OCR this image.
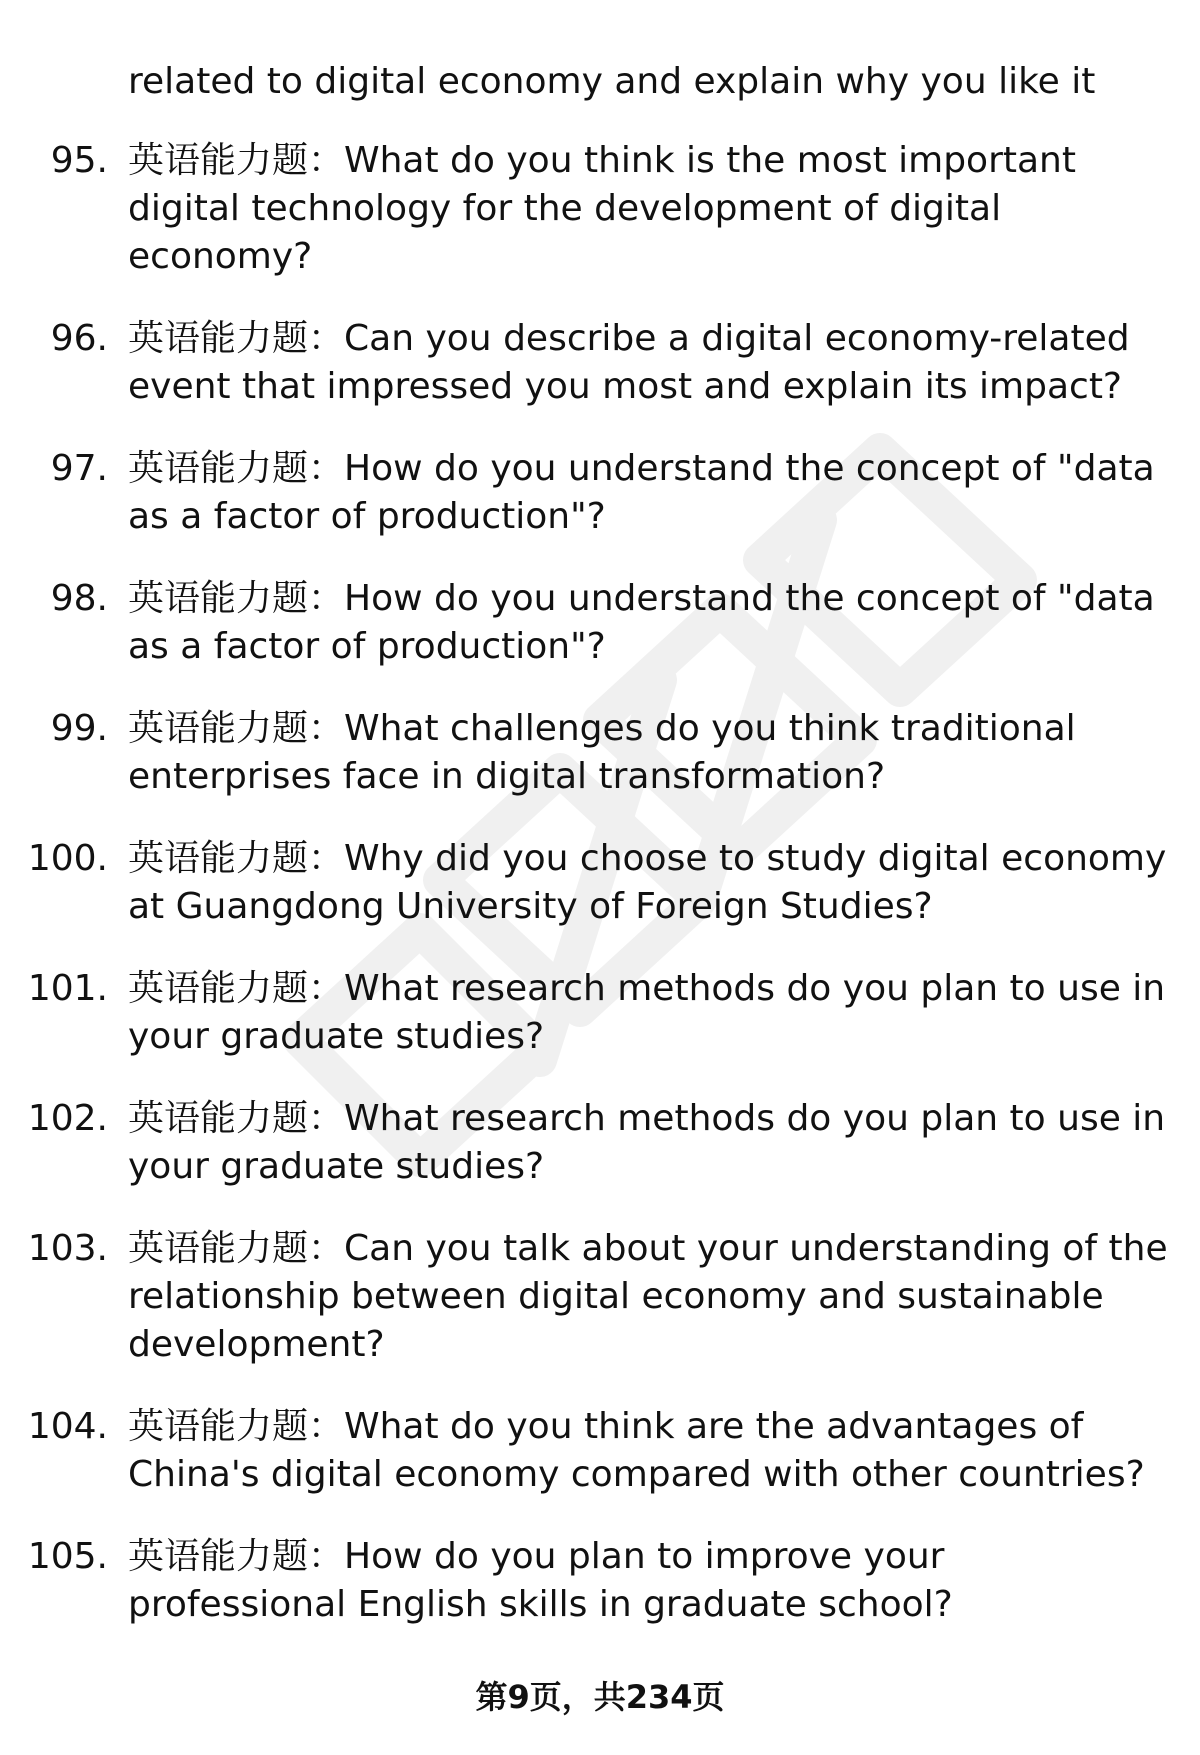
related to digital economy and explain why you like it
95. 英语能力题：What do you think is the most important digital technology for the development of digital economy?
96. 英语能力题：Can you describe a digital economy-related event that impressed you most and explain its impact?
97. 英语能力题：How do you understand the concept of "data as a factor of production"?
98. 英语能力题：How do you understand the concept of "data as a factor of production"?
99. 英语能力题：What challenges do you think traditional enterprises face in digital transformation?
100. 英语能力题：Why did you choose to study digital economy at Guangdong University of Foreign Studies?
101. 英语能力题：What research methods do you plan to use in your graduate studies?
102. 英语能力题：What research methods do you plan to use in your graduate studies?
103. 英语能力题：Can you talk about your understanding of the relationship between digital economy and sustainable development?
104. 英语能力题：What do you think are the advantages of China's digital economy compared with other countries?
105. 英语能力题：How do you plan to improve your professional English skills in graduate school?
第9页，共234页
